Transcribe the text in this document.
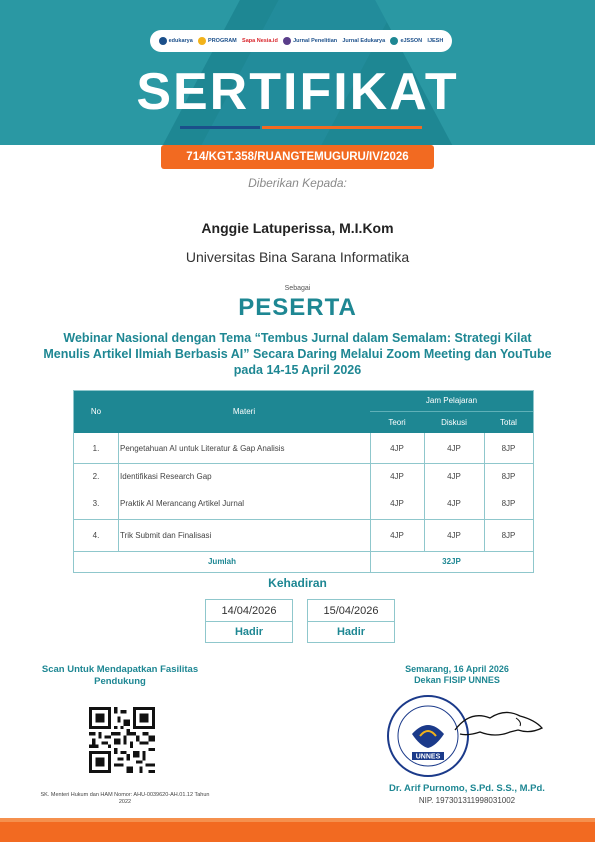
edukarya	PROGRAM Sapa Nesia.id	Jurnal Penelitian Jurnal Edukarya	eJSSON IJESH
SERTIFIKAT
714/KGT.358/RUANGTEMUGURU/IV/2026
Diberikan Kepada:
Anggie Latuperissa, M.I.Kom
Universitas Bina Sarana Informatika
Sebagai
PESERTA
Webinar Nasional dengan Tema “Tembus Jurnal dalam Semalam: Strategi Kilat Menulis Artikel Ilmiah Berbasis AI” Secara Daring Melalui Zoom Meeting dan YouTube pada 14-15 April 2026
No	Materi
Jam Pelajaran
Teori	Diskusi	Total
1.	Pengetahuan AI untuk Literatur & Gap Analisis	4JP	4JP	8JP
2.	Identifikasi Research Gap	4JP	4JP	8JP
3.	Praktik AI Merancang Artikel Jurnal	4JP	4JP	8JP
4.	Trik Submit dan Finalisasi	4JP	4JP	8JP
Jumlah	32JP
Kehadiran
14/04/2026
Hadir
15/04/2026
Hadir
Scan Untuk Mendapatkan Fasilitas Pendukung
SK. Menteri Hukum dan HAM Nomor: AHU-0039620-AH.01.12 Tahun 2022
Semarang, 16 April 2026
Dekan FISIP UNNES
UNNES
Dr. Arif Purnomo, S.Pd. S.S., M.Pd.
NIP. 197301311998031002
